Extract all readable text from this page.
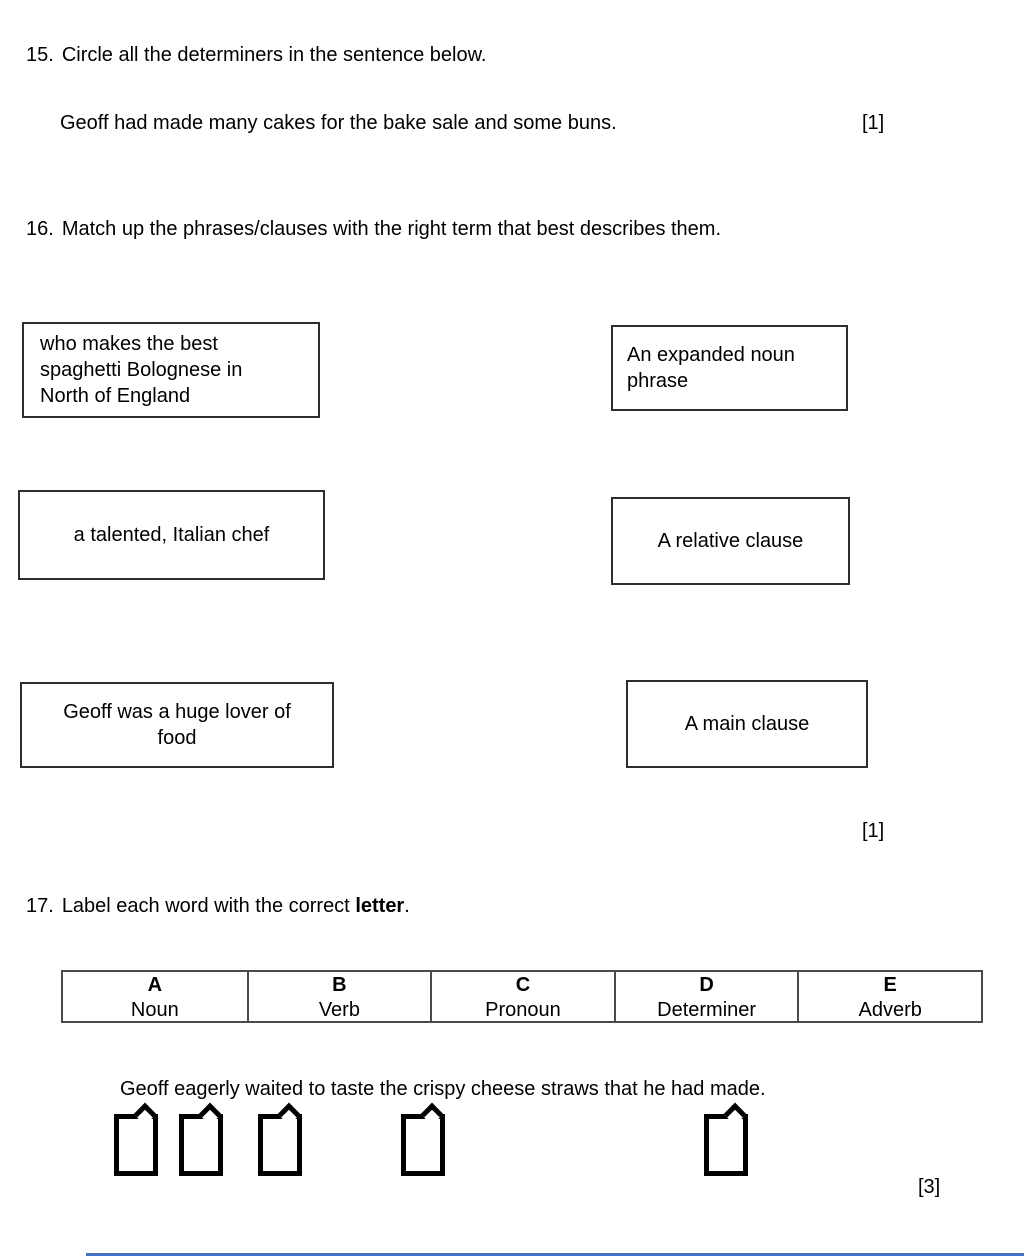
15. Circle all the determiners in the sentence below.
Geoff had made many cakes for the bake sale and some buns.	[1]
16. Match up the phrases/clauses with the right term that best describes them.
who makes the best
spaghetti Bolognese in
North of England
An expanded noun
phrase
a talented, Italian chef	A relative clause
Geoff was a huge lover of
food
A main clause
[1]
17. Label each word with the correct letter.
A
Noun
B
Verb
C
Pronoun
D
Determiner
E
Adverb
Geoff eagerly waited to taste the crispy cheese straws that he had made.
[3]
